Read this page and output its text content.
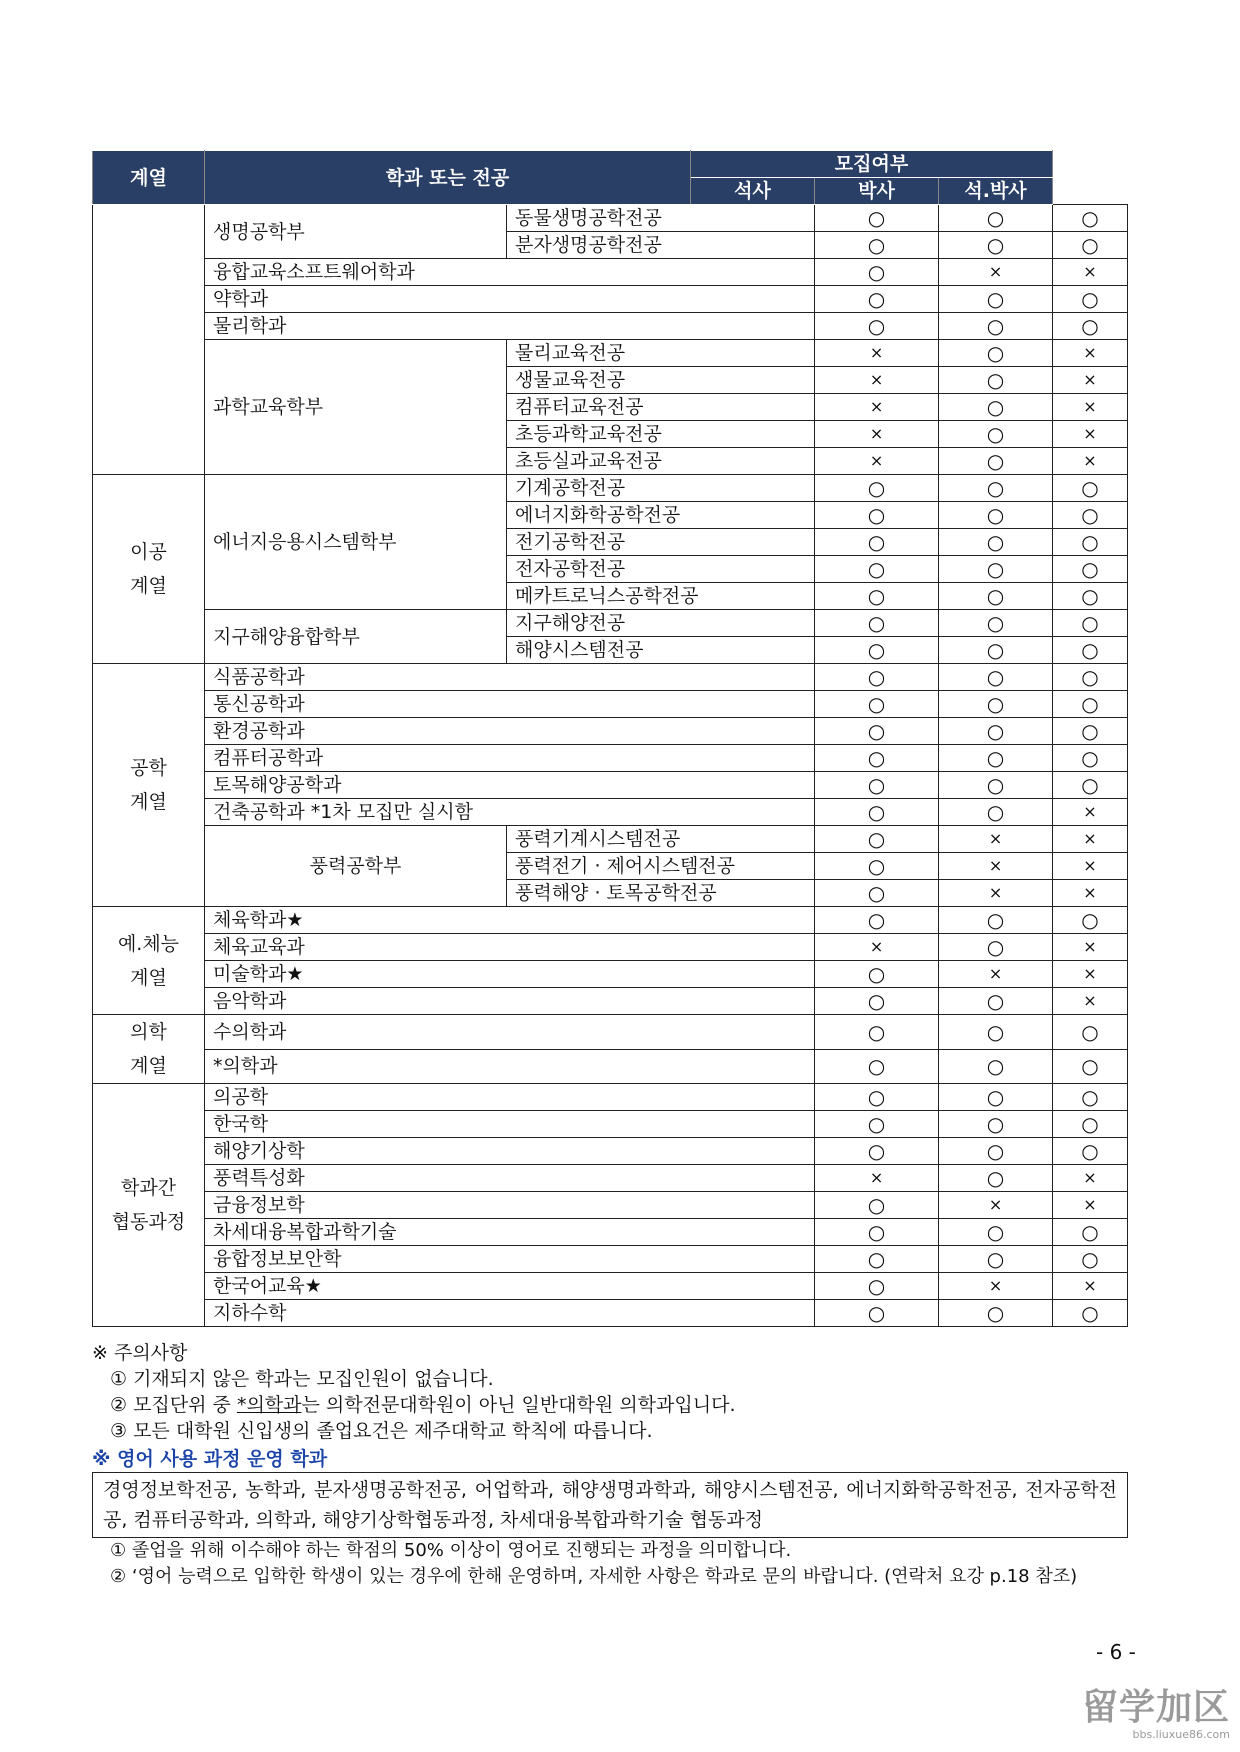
계열	학과 또는 전공		모집여부			
			석사	박사	석.박사	

	생명공학부	동물생명공학전공		○	○	○
		분자생명공학전공		○	○	○
	융합교육소프트웨어학과			○	×	×
	약학과			○	○	○
	물리학과			○	○	○
	과학교육학부	물리교육전공		×	○	×
		생물교육전공		×	○	×
		컴퓨터교육전공		×	○	×
		초등과학교육전공		×	○	×
		초등실과교육전공		×	○	×

이공
계열	에너지응용시스템학부	기계공학전공		○	○	○
		에너지화학공학전공		○	○	○
		전기공학전공		○	○	○
		전자공학전공		○	○	○
		메카트로닉스공학전공		○	○	○
	지구해양융합학부	지구해양전공		○	○	○
		해양시스템전공		○	○	○

공학
계열	식품공학과			○	○	○
	통신공학과			○	○	○
	환경공학과			○	○	○
	컴퓨터공학과			○	○	○
	토목해양공학과			○	○	○
	건축공학과 *1차 모집만 실시함			○	○	×
	풍력공학부	풍력기계시스템전공		○	×	×
		풍력전기 · 제어시스템전공		○	×	×
		풍력해양 · 토목공학전공		○	×	×

예.체능
계열	체육학과★			○	○	○
	체육교육과			×	○	×
	미술학과★			○	×	×
	음악학과			○	○	×

의학
계열	수의학과			○	○	○
	*의학과			○	○	○

학과간
협동과정	의공학			○	○	○
	한국학			○	○	○
	해양기상학			○	○	○
	풍력특성화			×	○	×
	금융정보학			○	×	×
	차세대융복합과학기술			○	○	○
	융합정보보안학			○	○	○
	한국어교육★			○	×	×
	지하수학			○	○	○
※ 주의사항
① 기재되지 않은 학과는 모집인원이 없습니다.
② 모집단위 중 *의학과는 의학전문대학원이 아닌 일반대학원 의학과입니다.
③ 모든 대학원 신입생의 졸업요건은 제주대학교 학칙에 따릅니다.
※ 영어 사용 과정 운영 학과
경영정보학전공, 농학과, 분자생명공학전공, 어업학과, 해양생명과학과, 해양시스템전공, 에너지화학공학전공, 전자공학전공, 컴퓨터공학과, 의학과, 해양기상학협동과정, 차세대융복합과학기술 협동과정
① 졸업을 위해 이수해야 하는 학점의 50% 이상이 영어로 진행되는 과정을 의미합니다.
② ‘영어 능력으로 입학한 학생이 있는 경우에 한해 운영하며, 자세한 사항은 학과로 문의 바랍니다. (연락처 요강 p.18 참조)
- 6 -
留学加区
bbs.liuxue86.com
